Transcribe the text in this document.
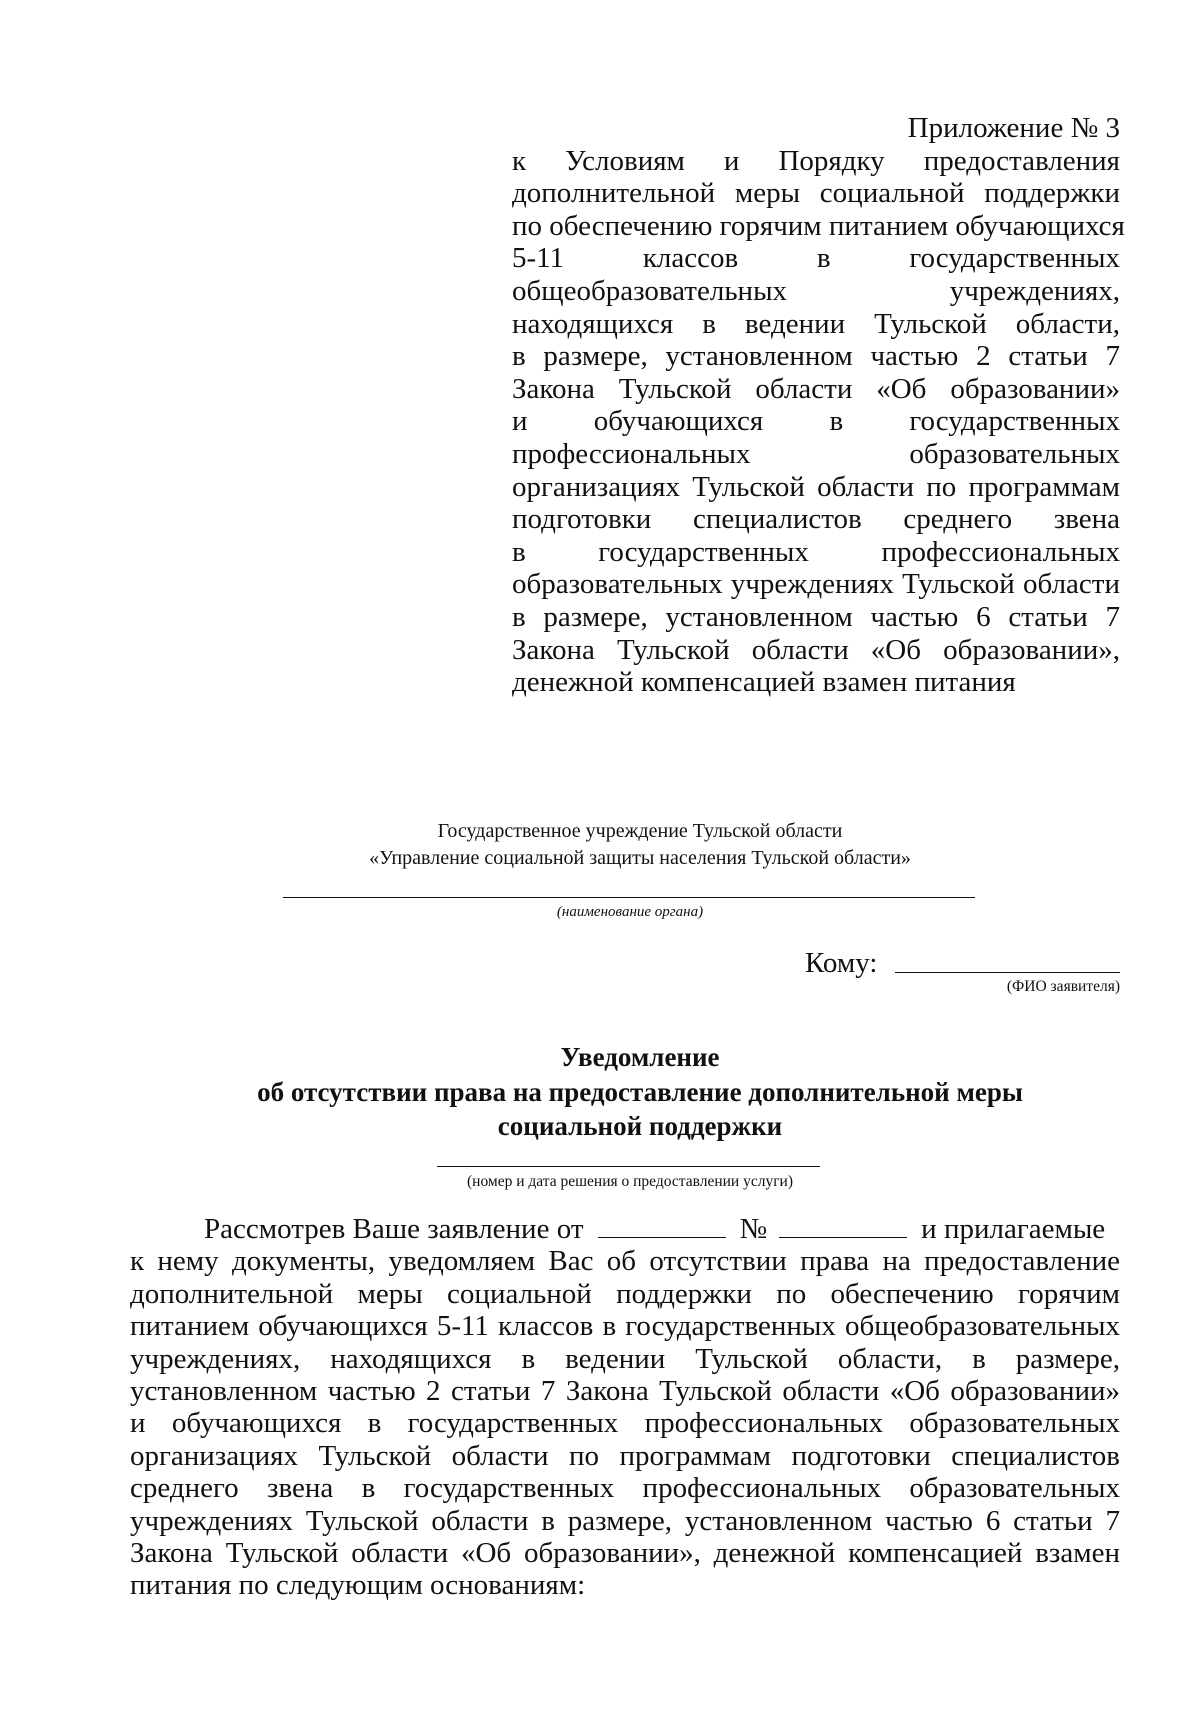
Приложение № 3
к Условиям и Порядку предоставления
дополнительной меры социальной поддержки
по обеспечению горячим питанием обучающихся
5-11 классов в государственных
общеобразовательных учреждениях,
находящихся в ведении Тульской области,
в размере, установленном частью 2 статьи 7
Закона Тульской области «Об образовании»
и обучающихся в государственных
профессиональных образовательных
организациях Тульской области по программам
подготовки специалистов среднего звена
в государственных профессиональных
образовательных учреждениях Тульской области
в размере, установленном частью 6 статьи 7
Закона Тульской области «Об образовании»,
денежной компенсацией взамен питания
Государственное учреждение Тульской области
«Управление социальной защиты населения Тульской области»
(наименование органа)
Кому:
(ФИО заявителя)
Уведомление
об отсутствии права на предоставление дополнительной меры
социальной поддержки
(номер и дата решения о предоставлении услуги)
Рассмотрев Ваше заявление от	№	и прилагаемые
к нему документы, уведомляем Вас об отсутствии права на предоставление
дополнительной меры социальной поддержки по обеспечению горячим
питанием обучающихся 5-11 классов в государственных общеобразовательных
учреждениях, находящихся в ведении Тульской области, в размере,
установленном частью 2 статьи 7 Закона Тульской области «Об образовании»
и обучающихся в государственных профессиональных образовательных
организациях Тульской области по программам подготовки специалистов
среднего звена в государственных профессиональных образовательных
учреждениях Тульской области в размере, установленном частью 6 статьи 7
Закона Тульской области «Об образовании», денежной компенсацией взамен
питания по следующим основаниям:
